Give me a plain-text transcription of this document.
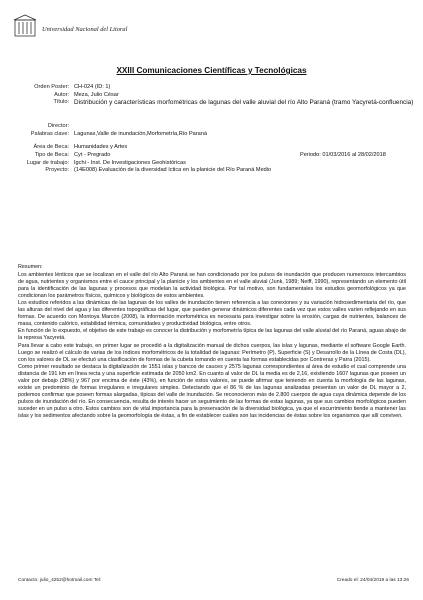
Universidad Nacional del Litoral
XXIII Comunicaciones Científicas y Tecnológicas
Orden Poster: CH-024 (ID: 1)
Autor: Meza, Julio César
Título: Distribución y características morfométricas de lagunas del valle aluvial del río Alto Paraná (tramo Yacyretá-confluencia)
Director:
Palabras clave: Lagunas,Valle de inundación,Morfometría,Río Paraná
Área de Beca: Humanidades y Artes
Tipo de Beca: Cyt - Pregrado	Periodo: 01/03/2016 al 28/02/2018
Lugar de trabajo: Igchi - Inst. De Investigaciones Geohistóricas
Proyecto: (14E008) Evaluación de la diversidad íctica en la planicie del Río Paraná Medio
Resumen:

Los ambientes lénticos que se localizan en el valle del río Alto Paraná se han condicionado por los pulsos de inundación que producen numerosos intercambios de agua, nutrientes y organismos entre el cauce principal y la planicie y los ambientes en el valle aluvial (Junk, 1989; Neiff, 1990), representando un elemento útil para la identificación de las lagunas y procesos que modelan la actividad biológica. Por tal motivo, son fundamentales los estudios geomorfológicos ya que condicionan los parámetros físicos, químicos y biológicos de estos ambientes.

Los estudios referidos a las dinámicas de las lagunas de los valles de inundación tienen referencia a las conexiones y su variación hidrosedimentaria del río, que las alturas del nivel del agua y las diferentes topográficas del lugar, que pueden generar dinámicos diferentes cada vez que estos valles varíen reflejando en sus formas. De acuerdo con Montoya Marcón (2008), la información morfométrica es necesaria para investigar sobre la erosión, cargas de nutrientes, balances de masa, contenido calórico, estabilidad térmica, comunidades y productividad biológica, entre otros.

En función de lo expuesto, el objetivo de este trabajo es conocer la distribución y morfometría típica de las lagunas del valle aluvial del río Paraná, aguas abajo de la represa Yacyretá.

Para llevar a cabo este trabajo, en primer lugar se procedió a la digitalización manual de dichos cuerpos, las islas y lagunas, mediante el software Google Earth. Luego se realizó el cálculo de varias de los índices morfométricos de la totalidad de lagunas: Perímetro (P), Superficie (S) y Desarrollo de la Línea de Costa (DL), con los valores de DL se efectuó una clasificación de formas de la cubeta tomando en cuenta las formas establecidas por Contreras y Parra (2015).

Como primer resultado se destaca la digitalización de 1551 islas y bancos de cauces y 2575 lagunas correspondientes al área de estudio el cual comprende una distancia de 191 km en línea recta y una superficie estimada de 2050 km2. En cuanto al valor de DL la media es de 2,16, existiendo 1607 lagunas que poseen un valor por debajo (38%) y 967 por encima de éste (43%), en función de estos valores, se puede afirmar que teniendo en cuenta la morfología de las lagunas, existe un predominio de formas irregulares e irregulares simples. Detectando que el 86 % de las lagunas analizadas presentan un valor de DL mayor a 2, podemos confirmar que poseen formas alargadas, típicas del valle de inundación. Se reconocieron más de 2.800 cuerpos de agua cuya dinámica depende de los pulsos de inundación del río. En consecuencia, resulta de interés hacer un seguimiento de las formas de estas lagunas, ya que sus cambios morfológicos pueden suceder en un pulso a otro. Estos cambios son de vital importancia para la preservación de la diversidad biológica, ya que el escurrimiento tiende a mantener las islas y los sedimentos afectando sobre la geomorfología de éstas, a fin de establecer cuáles son las incidencias de éstas sobre los organismos que allí conviven.

Contacto: julio_4252@hotmail.com Tel:	Creado el: 24/04/2019 a las 13:26
